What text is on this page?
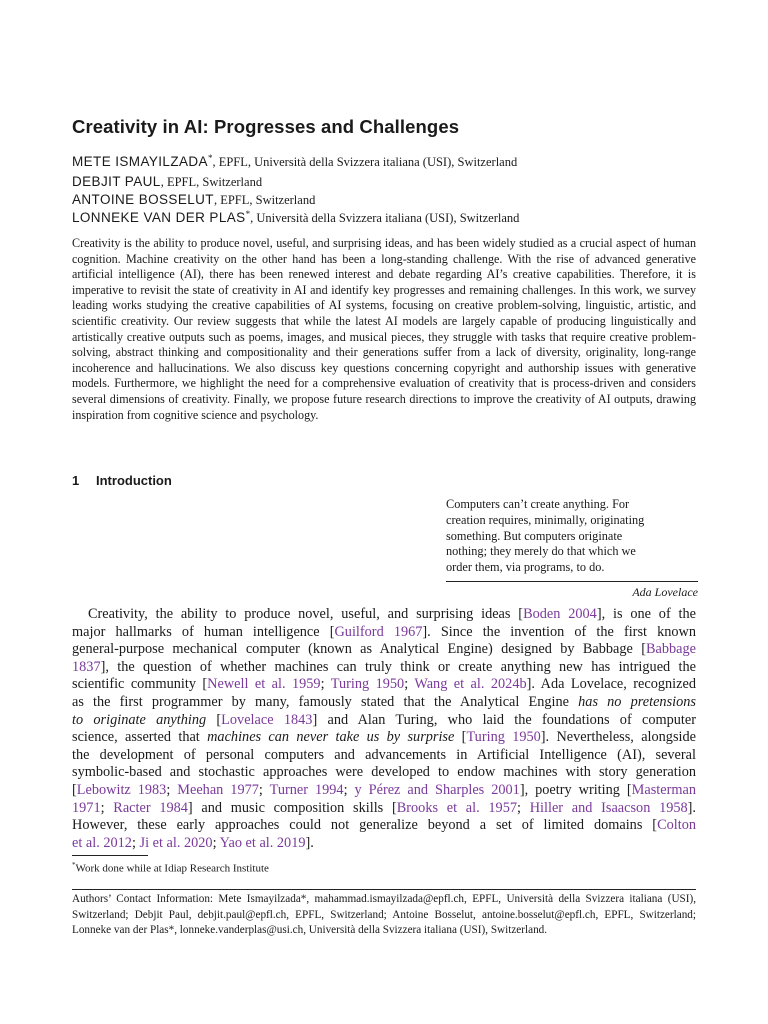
Creativity in AI: Progresses and Challenges
METE ISMAYILZADA*, EPFL, Università della Svizzera italiana (USI), Switzerland
DEBJIT PAUL, EPFL, Switzerland
ANTOINE BOSSELUT, EPFL, Switzerland
LONNEKE VAN DER PLAS*, Università della Svizzera italiana (USI), Switzerland
Creativity is the ability to produce novel, useful, and surprising ideas, and has been widely studied as a crucial aspect of human cognition. Machine creativity on the other hand has been a long-standing challenge. With the rise of advanced generative artificial intelligence (AI), there has been renewed interest and debate regarding AI’s creative capabilities. Therefore, it is imperative to revisit the state of creativity in AI and identify key progresses and remaining challenges. In this work, we survey leading works studying the creative capabilities of AI systems, focusing on creative problem-solving, linguistic, artistic, and scientific creativity. Our review suggests that while the latest AI models are largely capable of producing linguistically and artistically creative outputs such as poems, images, and musical pieces, they struggle with tasks that require creative problem-solving, abstract thinking and compositionality and their generations suffer from a lack of diversity, originality, long-range incoherence and hallucinations. We also discuss key questions concerning copyright and authorship issues with generative models. Furthermore, we highlight the need for a comprehensive evaluation of creativity that is process-driven and considers several dimensions of creativity. Finally, we propose future research directions to improve the creativity of AI outputs, drawing inspiration from cognitive science and psychology.
1 Introduction
Computers can’t create anything. For
creation requires, minimally, originating
something. But computers originate
nothing; they merely do that which we
order them, via programs, to do.
Ada Lovelace
Creativity, the ability to produce novel, useful, and surprising ideas [Boden 2004], is one of the
major hallmarks of human intelligence [Guilford 1967]. Since the invention of the first known
general-purpose mechanical computer (known as Analytical Engine) designed by Babbage [Babbage
1837], the question of whether machines can truly think or create anything new has intrigued the
scientific community [Newell et al. 1959; Turing 1950; Wang et al. 2024b]. Ada Lovelace, recognized
as the first programmer by many, famously stated that the Analytical Engine has no pretensions
to originate anything [Lovelace 1843] and Alan Turing, who laid the foundations of computer
science, asserted that machines can never take us by surprise [Turing 1950]. Nevertheless, alongside
the development of personal computers and advancements in Artificial Intelligence (AI), several
symbolic-based and stochastic approaches were developed to endow machines with story generation
[Lebowitz 1983; Meehan 1977; Turner 1994; y Pérez and Sharples 2001], poetry writing [Masterman
1971; Racter 1984] and music composition skills [Brooks et al. 1957; Hiller and Isaacson 1958].
However, these early approaches could not generalize beyond a set of limited domains [Colton
et al. 2012; Ji et al. 2020; Yao et al. 2019].
*Work done while at Idiap Research Institute
Authors’ Contact Information: Mete Ismayilzada*, mahammad.ismayilzada@epfl.ch, EPFL, Università della Svizzera italiana (USI), Switzerland; Debjit Paul, debjit.paul@epfl.ch, EPFL, Switzerland; Antoine Bosselut, antoine.bosselut@epfl.ch, EPFL, Switzerland; Lonneke van der Plas*, lonneke.vanderplas@usi.ch, Università della Svizzera italiana (USI), Switzerland.
